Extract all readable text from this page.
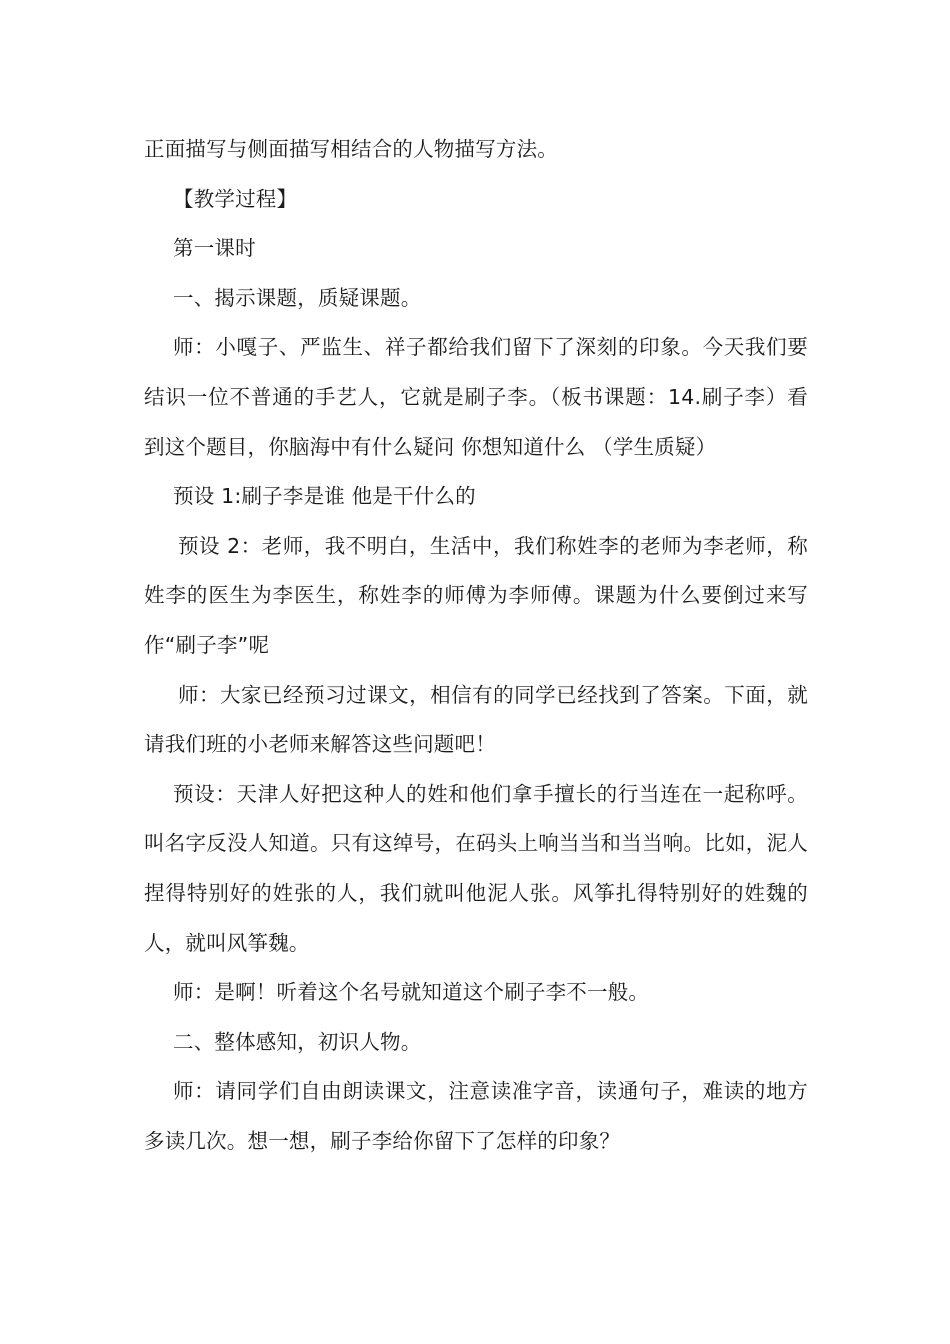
正面描写与侧面描写相结合的人物描写方法。

【教学过程】

第一课时

一、揭示课题，质疑课题。

师：小嘎子、严监生、祥子都给我们留下了深刻的印象。今天我们要结识一位不普通的手艺人，它就是刷子李。（板书课题：14.刷子李）看到这个题目，你脑海中有什么疑问 你想知道什么 （学生质疑）

预设 1:刷子李是谁 他是干什么的

预设 2：老师，我不明白，生活中，我们称姓李的老师为李老师，称姓李的医生为李医生，称姓李的师傅为李师傅。课题为什么要倒过来写作“刷子李”呢

师：大家已经预习过课文，相信有的同学已经找到了答案。下面，就请我们班的小老师来解答这些问题吧！

预设：天津人好把这种人的姓和他们拿手擅长的行当连在一起称呼。叫名字反没人知道。只有这绰号，在码头上响当当和当当响。比如，泥人捏得特别好的姓张的人，我们就叫他泥人张。风筝扎得特别好的姓魏的人，就叫风筝魏。

师：是啊！听着这个名号就知道这个刷子李不一般。

二、整体感知，初识人物。

师：请同学们自由朗读课文，注意读准字音，读通句子，难读的地方多读几次。想一想，刷子李给你留下了怎样的印象？
